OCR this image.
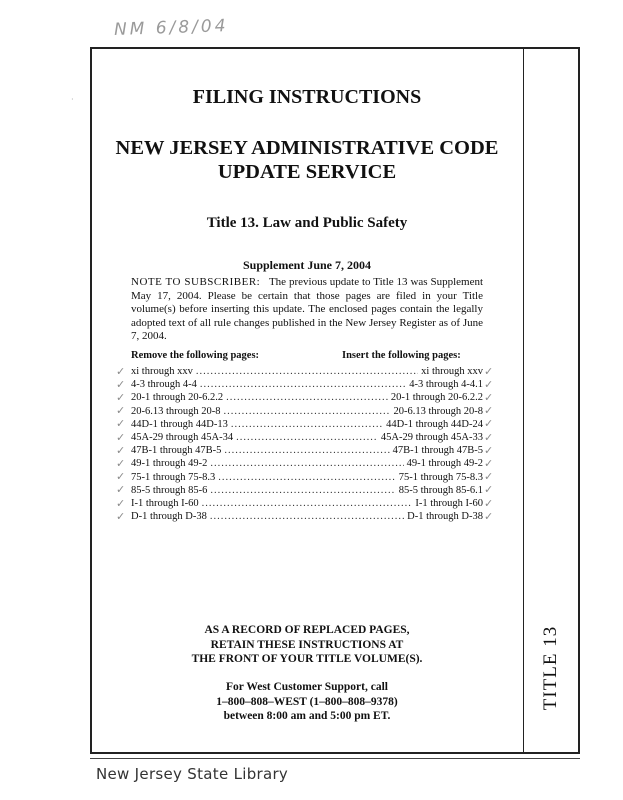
NM 6/8/04
·
TITLE 13
FILING INSTRUCTIONS
NEW JERSEY ADMINISTRATIVE CODE
UPDATE SERVICE
Title 13. Law and Public Safety
Supplement June 7, 2004
NOTE TO SUBSCRIBER: The previous update to Title 13 was Supplement May 17, 2004. Please be certain that those pages are filed in your Title volume(s) before inserting this update. The enclosed pages contain the legally adopted text of all rule changes published in the New Jersey Register as of June 7, 2004.
Remove the following pages:	Insert the following pages:
xi through xxv .....	xi through xxv
4-3 through 4-4 .....	4-3 through 4-4.1
20-1 through 20-6.2.2 .....	20-1 through 20-6.2.2
20-6.13 through 20-8 .....	20-6.13 through 20-8
44D-1 through 44D-13 .....	44D-1 through 44D-24
45A-29 through 45A-34 .....	45A-29 through 45A-33
47B-1 through 47B-5 .....	47B-1 through 47B-5
49-1 through 49-2 .....	49-1 through 49-2
75-1 through 75-8.3 .....	75-1 through 75-8.3
85-5 through 85-6 .....	85-5 through 85-6.1
I-1 through I-60 .....	I-1 through I-60
D-1 through D-38 .....	D-1 through D-38
✓
✓
✓
✓
✓
✓
✓
✓
✓
✓
✓
✓
✓
✓
✓
✓
✓
✓
✓
✓
✓
✓
✓
✓
AS A RECORD OF REPLACED PAGES,
RETAIN THESE INSTRUCTIONS AT
THE FRONT OF YOUR TITLE VOLUME(S).
For West Customer Support, call
1–800–808–WEST (1–800–808–9378)
between 8:00 am and 5:00 pm ET.
New Jersey State Library
